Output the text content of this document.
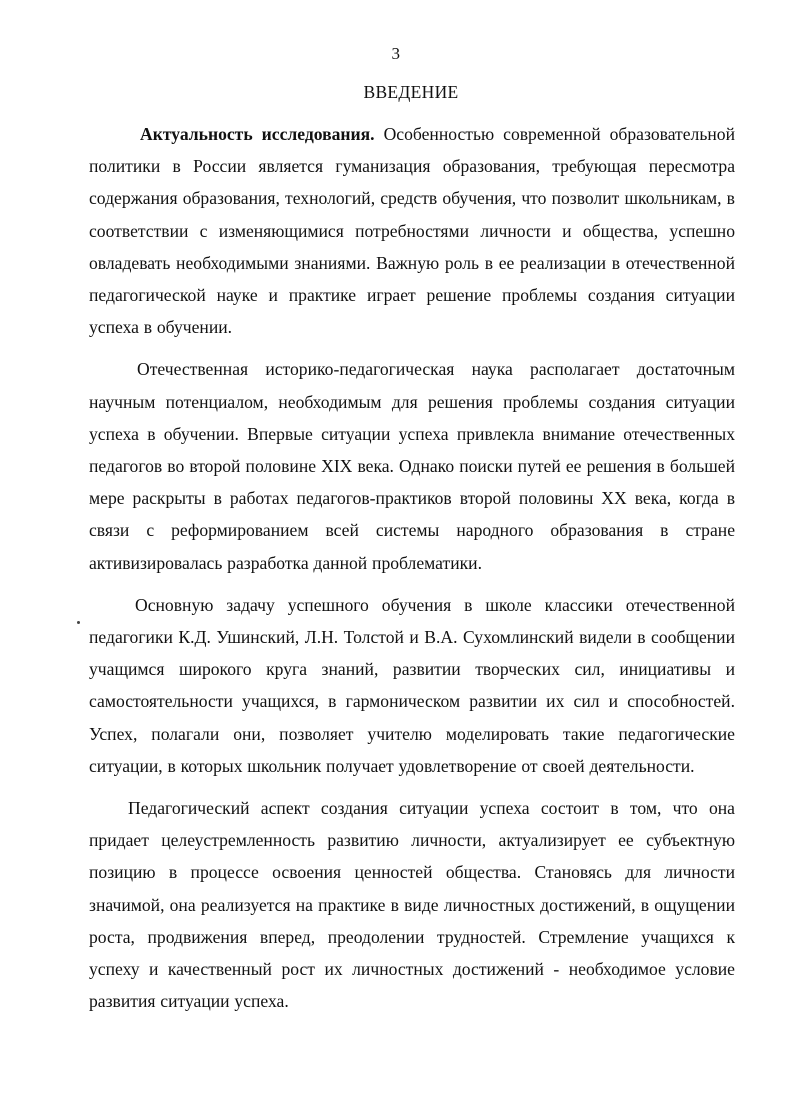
3
ВВЕДЕНИЕ

Актуальность исследования. Особенностью современной образовательной политики в России является гуманизация образования, требующая пересмотра содержания образования, технологий, средств обучения, что позволит школьникам, в соответствии с изменяющимися потребностями личности и общества, успешно овладевать необходимыми знаниями. Важную роль в ее реализации в отечественной педагогической науке и практике играет решение проблемы создания ситуации успеха в обучении.

Отечественная историко-педагогическая наука располагает достаточным научным потенциалом, необходимым для решения проблемы создания ситуации успеха в обучении. Впервые ситуации успеха привлекла внимание отечественных педагогов во второй половине XIX века. Однако поиски путей ее решения в большей мере раскрыты в работах педагогов-практиков второй половины XX века, когда в связи с реформированием всей системы народного образования в стране активизировалась разработка данной проблематики.

Основную задачу успешного обучения в школе классики отечественной педагогики К.Д. Ушинский, Л.Н. Толстой и В.А. Сухомлинский видели в сообщении учащимся широкого круга знаний, развитии творческих сил, инициативы и самостоятельности учащихся, в гармоническом развитии их сил и способностей. Успех, полагали они, позволяет учителю моделировать такие педагогические ситуации, в которых школьник получает удовлетворение от своей деятельности.

Педагогический аспект создания ситуации успеха состоит в том, что она придает целеустремленность развитию личности, актуализирует ее субъектную позицию в процессе освоения ценностей общества. Становясь для личности значимой, она реализуется на практике в виде личностных достижений, в ощущении роста, продвижения вперед, преодолении трудностей. Стремление учащихся к успеху и качественный рост их личностных достижений - необходимое условие развития ситуации успеха.
